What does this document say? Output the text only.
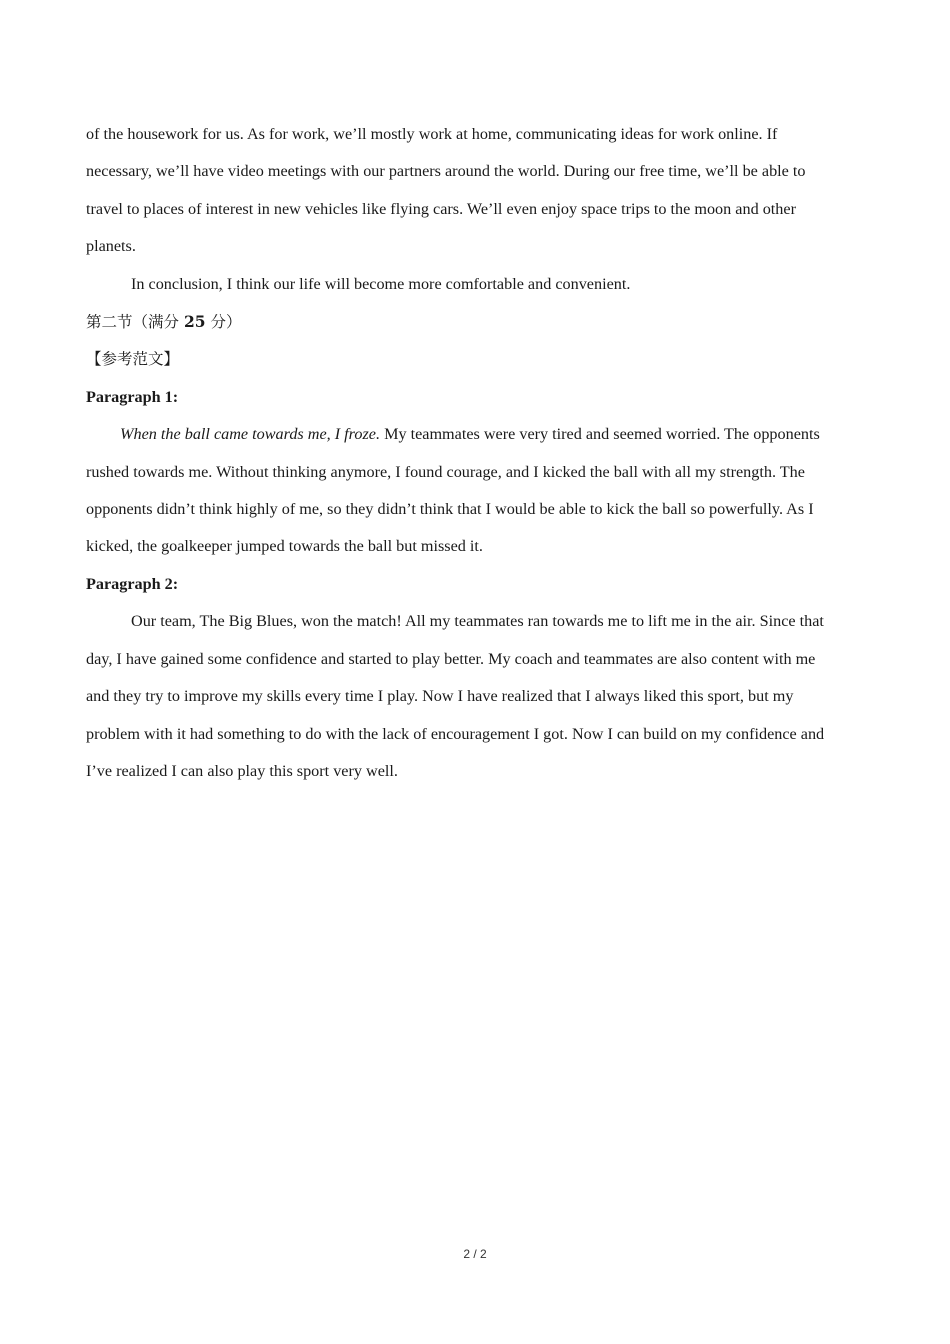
of the housework for us. As for work, we’ll mostly work at home, communicating ideas for work online. If
necessary, we’ll have video meetings with our partners around the world. During our free time, we’ll be able to
travel to places of interest in new vehicles like flying cars. We’ll even enjoy space trips to the moon and other
planets.
In conclusion, I think our life will become more comfortable and convenient.
第二节（满分 25 分）
【参考范文】
Paragraph 1:
When the ball came towards me, I froze. My teammates were very tired and seemed worried. The opponents
rushed towards me. Without thinking anymore, I found courage, and I kicked the ball with all my strength. The
opponents didn’t think highly of me, so they didn’t think that I would be able to kick the ball so powerfully. As I
kicked, the goalkeeper jumped towards the ball but missed it.
Paragraph 2:
Our team, The Big Blues, won the match! All my teammates ran towards me to lift me in the air. Since that
day, I have gained some confidence and started to play better. My coach and teammates are also content with me
and they try to improve my skills every time I play. Now I have realized that I always liked this sport, but my
problem with it had something to do with the lack of encouragement I got. Now I can build on my confidence and
I’ve realized I can also play this sport very well.
2 / 2
